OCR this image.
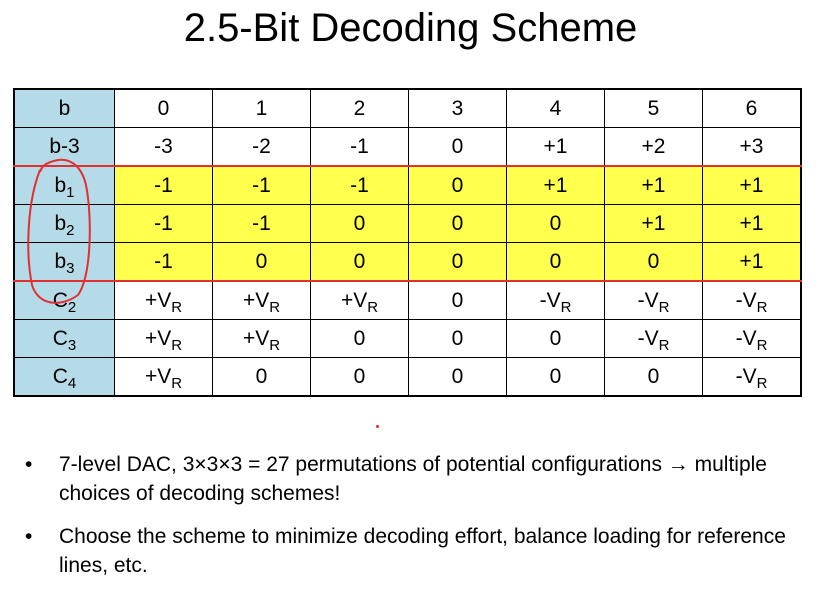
2.5-Bit Decoding Scheme
b	0	1	2	3	4	5	6
b-3	-3	-2	-1	0	+1	+2	+3
$b_1$	-1	-1	-1	0	+1	+1	+1
$b_2$	-1	-1	0	0	0	+1	+1
$b_3$	-1	0	0	0	0	0	+1
$C_2$	$+V_R$	$+V_R$	$+V_R$	0	$-V_R$	$-V_R$	$-V_R$
$C_3$	$+V_R$	$+V_R$	0	0	0	$-V_R$	$-V_R$
$C_4$	$+V_R$	0	0	0	0	0	$-V_R$
•	7-level DAC, 3×3×3 = 27 permutations of potential configurations → multiple choices of decoding schemes!
•	Choose the scheme to minimize decoding effort, balance loading for reference lines, etc.
